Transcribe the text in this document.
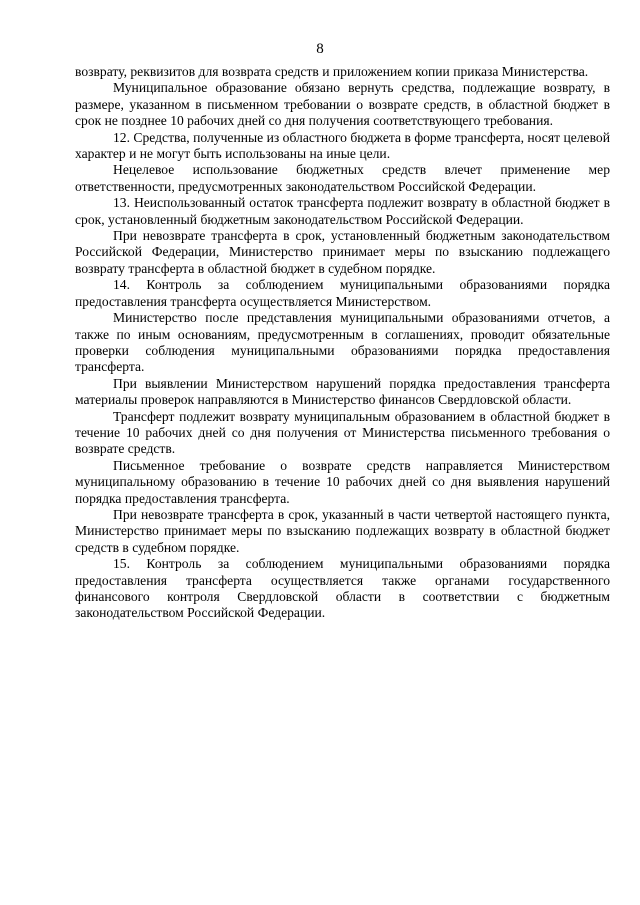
8

возврату, реквизитов для возврата средств и приложением копии приказа Министерства.

Муниципальное образование обязано вернуть средства, подлежащие возврату, в размере, указанном в письменном требовании о возврате средств, в областной бюджет в срок не позднее 10 рабочих дней со дня получения соответствующего требования.

12. Средства, полученные из областного бюджета в форме трансферта, носят целевой характер и не могут быть использованы на иные цели.

Нецелевое использование бюджетных средств влечет применение мер ответственности, предусмотренных законодательством Российской Федерации.

13. Неиспользованный остаток трансферта подлежит возврату в областной бюджет в срок, установленный бюджетным законодательством Российской Федерации.

При невозврате трансферта в срок, установленный бюджетным законодательством Российской Федерации, Министерство принимает меры по взысканию подлежащего возврату трансферта в областной бюджет в судебном порядке.

14. Контроль за соблюдением муниципальными образованиями порядка предоставления трансферта осуществляется Министерством.

Министерство после представления муниципальными образованиями отчетов, а также по иным основаниям, предусмотренным в соглашениях, проводит обязательные проверки соблюдения муниципальными образованиями порядка предоставления трансферта.

При выявлении Министерством нарушений порядка предоставления трансферта материалы проверок направляются в Министерство финансов Свердловской области.

Трансферт подлежит возврату муниципальным образованием в областной бюджет в течение 10 рабочих дней со дня получения от Министерства письменного требования о возврате средств.

Письменное требование о возврате средств направляется Министерством муниципальному образованию в течение 10 рабочих дней со дня выявления нарушений порядка предоставления трансферта.

При невозврате трансферта в срок, указанный в части четвертой настоящего пункта, Министерство принимает меры по взысканию подлежащих возврату в областной бюджет средств в судебном порядке.

15. Контроль за соблюдением муниципальными образованиями порядка предоставления трансферта осуществляется также органами государственного финансового контроля Свердловской области в соответствии с бюджетным законодательством Российской Федерации.
